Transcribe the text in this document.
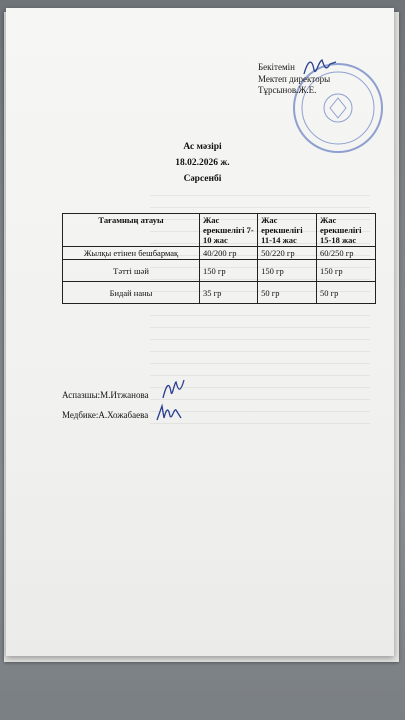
Бекітемін
Мектеп директоры
Тұрсынов.Ж.Е.
Ас мәзірі
18.02.2026 ж.
Сәрсенбі
Тағамның атауы	Жас ерекшелігі 7-10 жас	Жас ерекшелігі 11-14 жас	Жас ерекшелігі 15-18 жас
Жылқы етінен бешбармақ	40/200 гр	50/220 гр	60/250 гр
Тәтті шәй	150 гр	150 гр	150 гр
Бидай наны	35 гр	50 гр	50 гр
Аспазшы:М.Итжанова
Медбике:А.Хожабаева
